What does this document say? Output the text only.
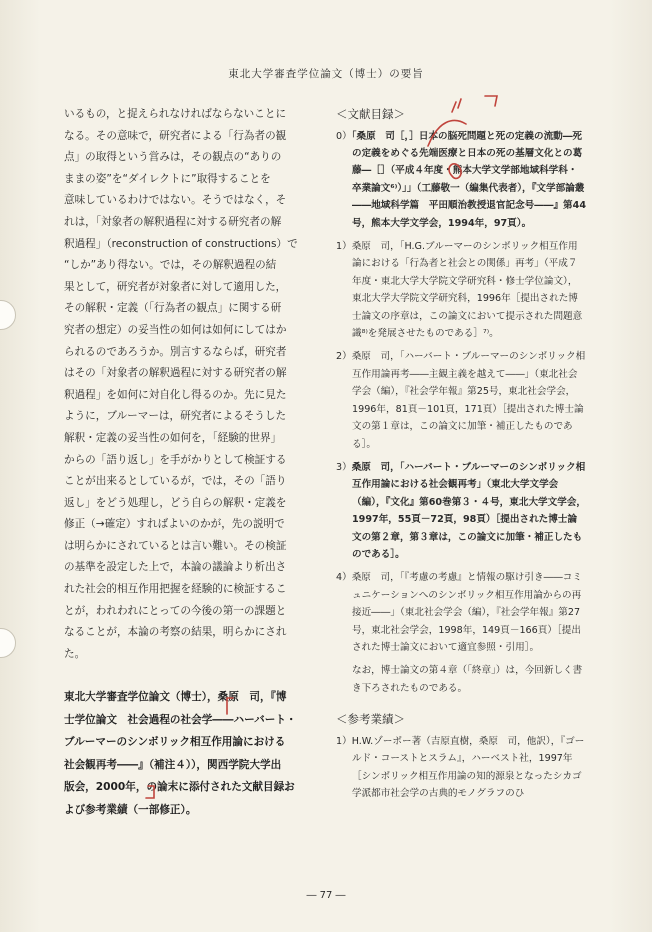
東北大学審査学位論文（博士）の要旨

いるもの，と捉えられなければならないことに

なる。その意味で，研究者による「行為者の観

点」の取得という営みは，その観点の“ありの

ままの姿”を“ダイレクトに”取得することを

意味しているわけではない。そうではなく，そ

れは，「対象者の解釈過程に対する研究者の解

釈過程」（reconstruction of constructions）で

“しか”あり得ない。では，その解釈過程の結

果として，研究者が対象者に対して適用した，

その解釈・定義（「行為者の観点」に関する研

究者の想定）の妥当性の如何は如何にしてはか

られるのであろうか。別言するならば，研究者

はその「対象者の解釈過程に対する研究者の解

釈過程」を如何に対自化し得るのか。先に見た

ように，ブルーマーは，研究者によるそうした

解釈・定義の妥当性の如何を，「経験的世界」

からの「語り返し」を手がかりとして検証する

ことが出来るとしているが，では，その「語り

返し」をどう処理し，どう自らの解釈・定義を

修正（→確定）すればよいのかが，先の説明で

は明らかにされているとは言い難い。その検証

の基準を設定した上で，本論の議論より析出さ

れた社会的相互作用把握を経験的に検証するこ

とが，われわれにとっての今後の第一の課題と

なることが，本論の考察の結果，明らかにされ

た。

東北大学審査学位論文（博士），桑原　司，『博

士学位論文　社会過程の社会学――ハーバート・

ブルーマーのシンボリック相互作用論における

社会観再考――』（補注４）），関西学院大学出

版会，2000年，の論末に添付された文献目録お

よび参考業績（一部修正）。

＜文献目録＞
0）「桑原　司［，］日本の脳死問題と死の定義の流動―死の定義をめぐる先端医療と日本の死の基層文化との葛藤―［］（平成４年度・熊本大学文学部地域科学科・卒業論文⁶⁾）」」（工藤敬一（編集代表者），『文学部論叢――地域科学篇　平田順治教授退官記念号――』第44号，熊本大学文学会，1994年，97頁）。
1）桑原　司，「H.G.ブルーマーのシンボリック相互作用論における「行為者と社会との関係」再考」（平成７年度・東北大学大学院文学研究科・修士学位論文），東北大学大学院文学研究科，1996年［提出された博士論文の序章は，この論文において提示された問題意識⁸⁾を発展させたものである］⁷⁾。
2）桑原　司，「ハーバート・ブルーマーのシンボリック相互作用論再考――主観主義を越えて――」（東北社会学会（編），『社会学年報』第25号，東北社会学会，1996年，81頁－101頁，171頁）［提出された博士論文の第１章は，この論文に加筆・補正したものである］。
3）桑原　司，「ハーバート・ブルーマーのシンボリック相互作用論における社会観再考」（東北大学文学会（編），『文化』第60巻第３・４号，東北大学文学会，1997年，55頁－72頁，98頁）［提出された博士論文の第２章，第３章は，この論文に加筆・補正したものである］。
4）桑原　司，「『考慮の考慮』と情報の駆け引き――コミュニケーションへのシンボリック相互作用論からの再接近――」（東北社会学会（編），『社会学年報』第27号，東北社会学会，1998年，149頁－166頁）［提出された博士論文において適宜参照・引用］。
なお，博士論文の第４章（「終章」）は，今回新しく書き下ろされたものである。
＜参考業績＞
1）H.W.ゾーボー著（吉原直樹，桑原　司，他訳），『ゴールド・コーストとスラム』，ハーベスト社，1997年［シンボリック相互作用論の知的源泉となったシカゴ学派都市社会学の古典的モノグラフのひ
― 77 ―
